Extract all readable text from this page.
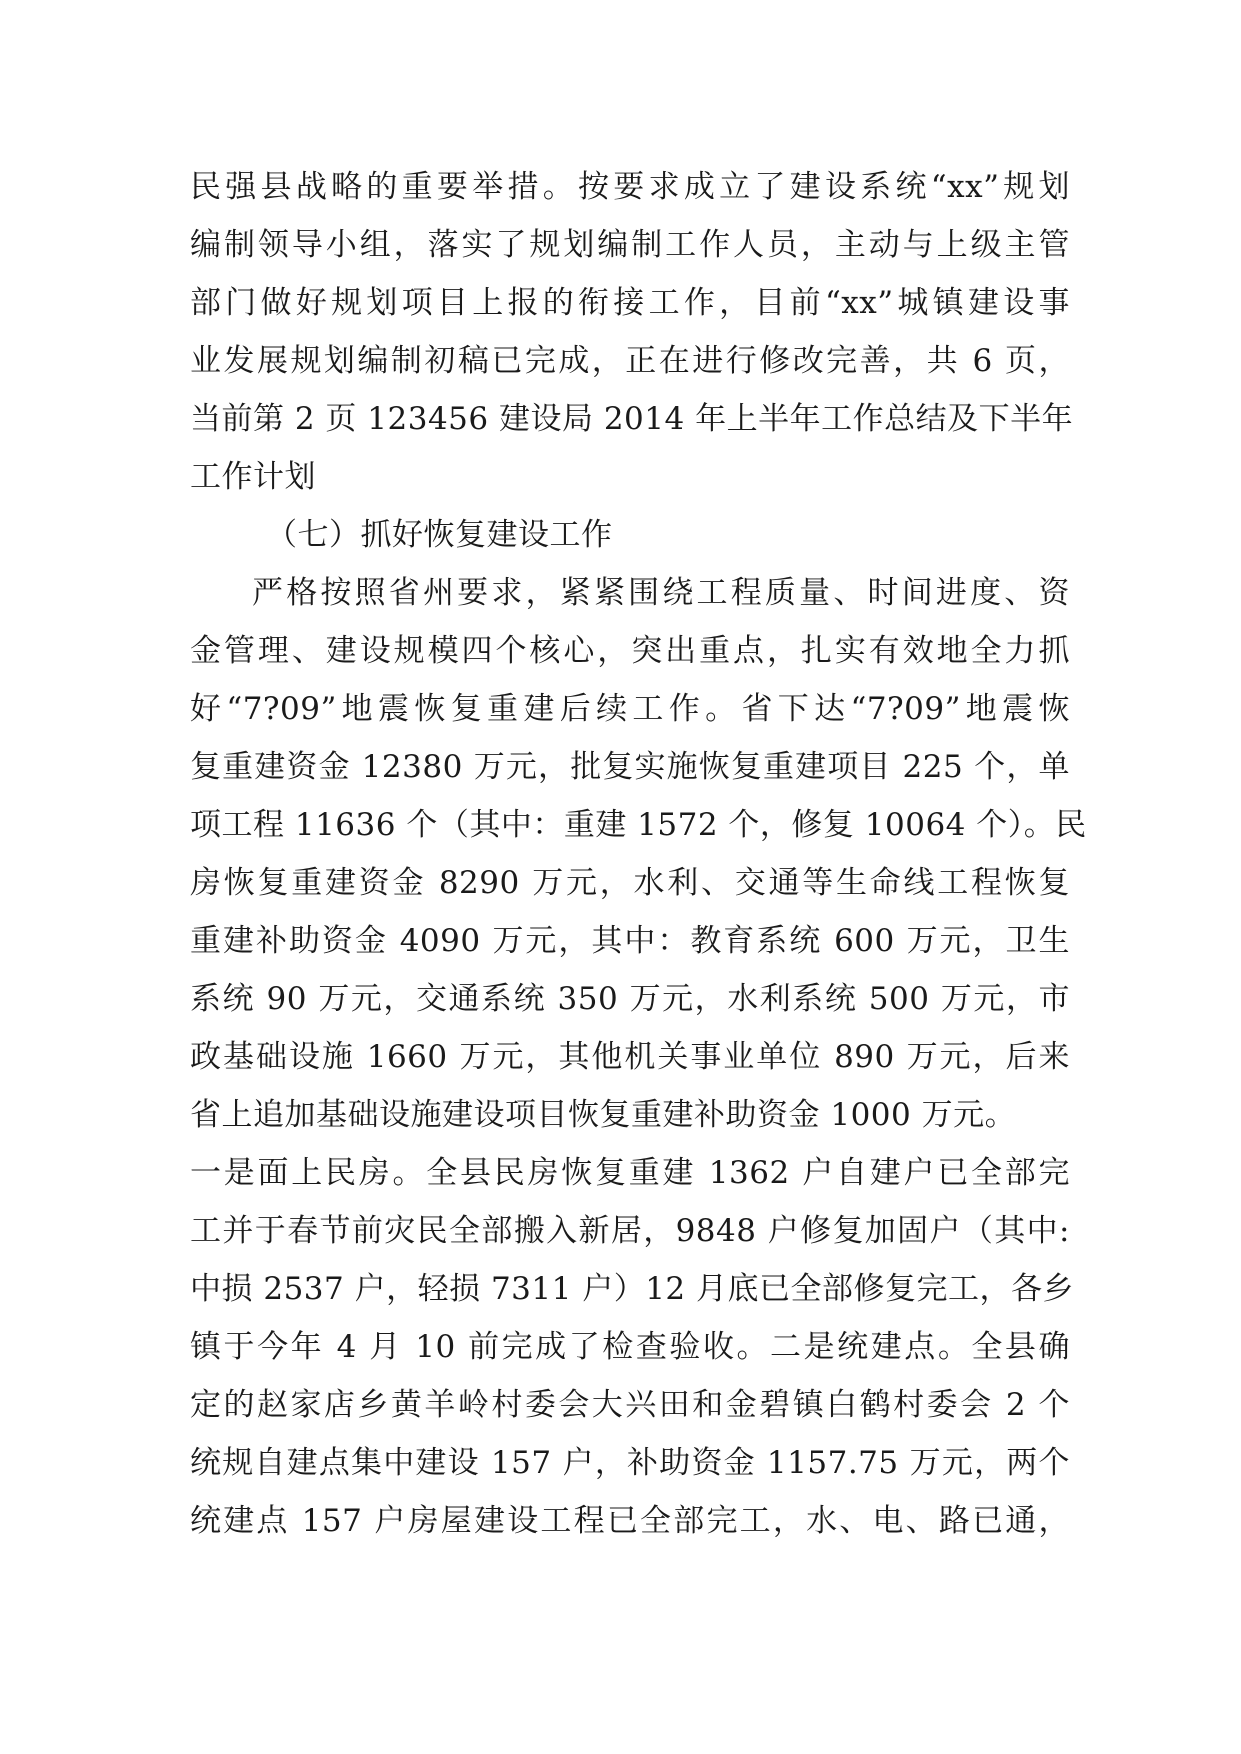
民强县战略的重要举措。按要求成立了建设系统“xx”规划
编制领导小组，落实了规划编制工作人员，主动与上级主管
部门做好规划项目上报的衔接工作，目前“xx”城镇建设事
业发展规划编制初稿已完成，正在进行修改完善，共 6 页，
当前第 2 页 123456 建设局 2014 年上半年工作总结及下半年
工作计划
（七）抓好恢复建设工作
严格按照省州要求，紧紧围绕工程质量、时间进度、资
金管理、建设规模四个核心，突出重点，扎实有效地全力抓
好“7?09”地震恢复重建后续工作。省下达“7?09”地震恢
复重建资金 12380 万元，批复实施恢复重建项目 225 个，单
项工程 11636 个（其中：重建 1572 个，修复 10064 个）。民
房恢复重建资金 8290 万元，水利、交通等生命线工程恢复
重建补助资金 4090 万元，其中：教育系统 600 万元，卫生
系统 90 万元，交通系统 350 万元，水利系统 500 万元，市
政基础设施 1660 万元，其他机关事业单位 890 万元，后来
省上追加基础设施建设项目恢复重建补助资金 1000 万元。
一是面上民房。全县民房恢复重建 1362 户自建户已全部完
工并于春节前灾民全部搬入新居，9848 户修复加固户（其中:
中损 2537 户，轻损 7311 户）12 月底已全部修复完工，各乡
镇于今年 4 月 10 前完成了检查验收。二是统建点。全县确
定的赵家店乡黄羊岭村委会大兴田和金碧镇白鹤村委会 2 个
统规自建点集中建设 157 户，补助资金 1157.75 万元，两个
统建点 157 户房屋建设工程已全部完工，水、电、路已通，
